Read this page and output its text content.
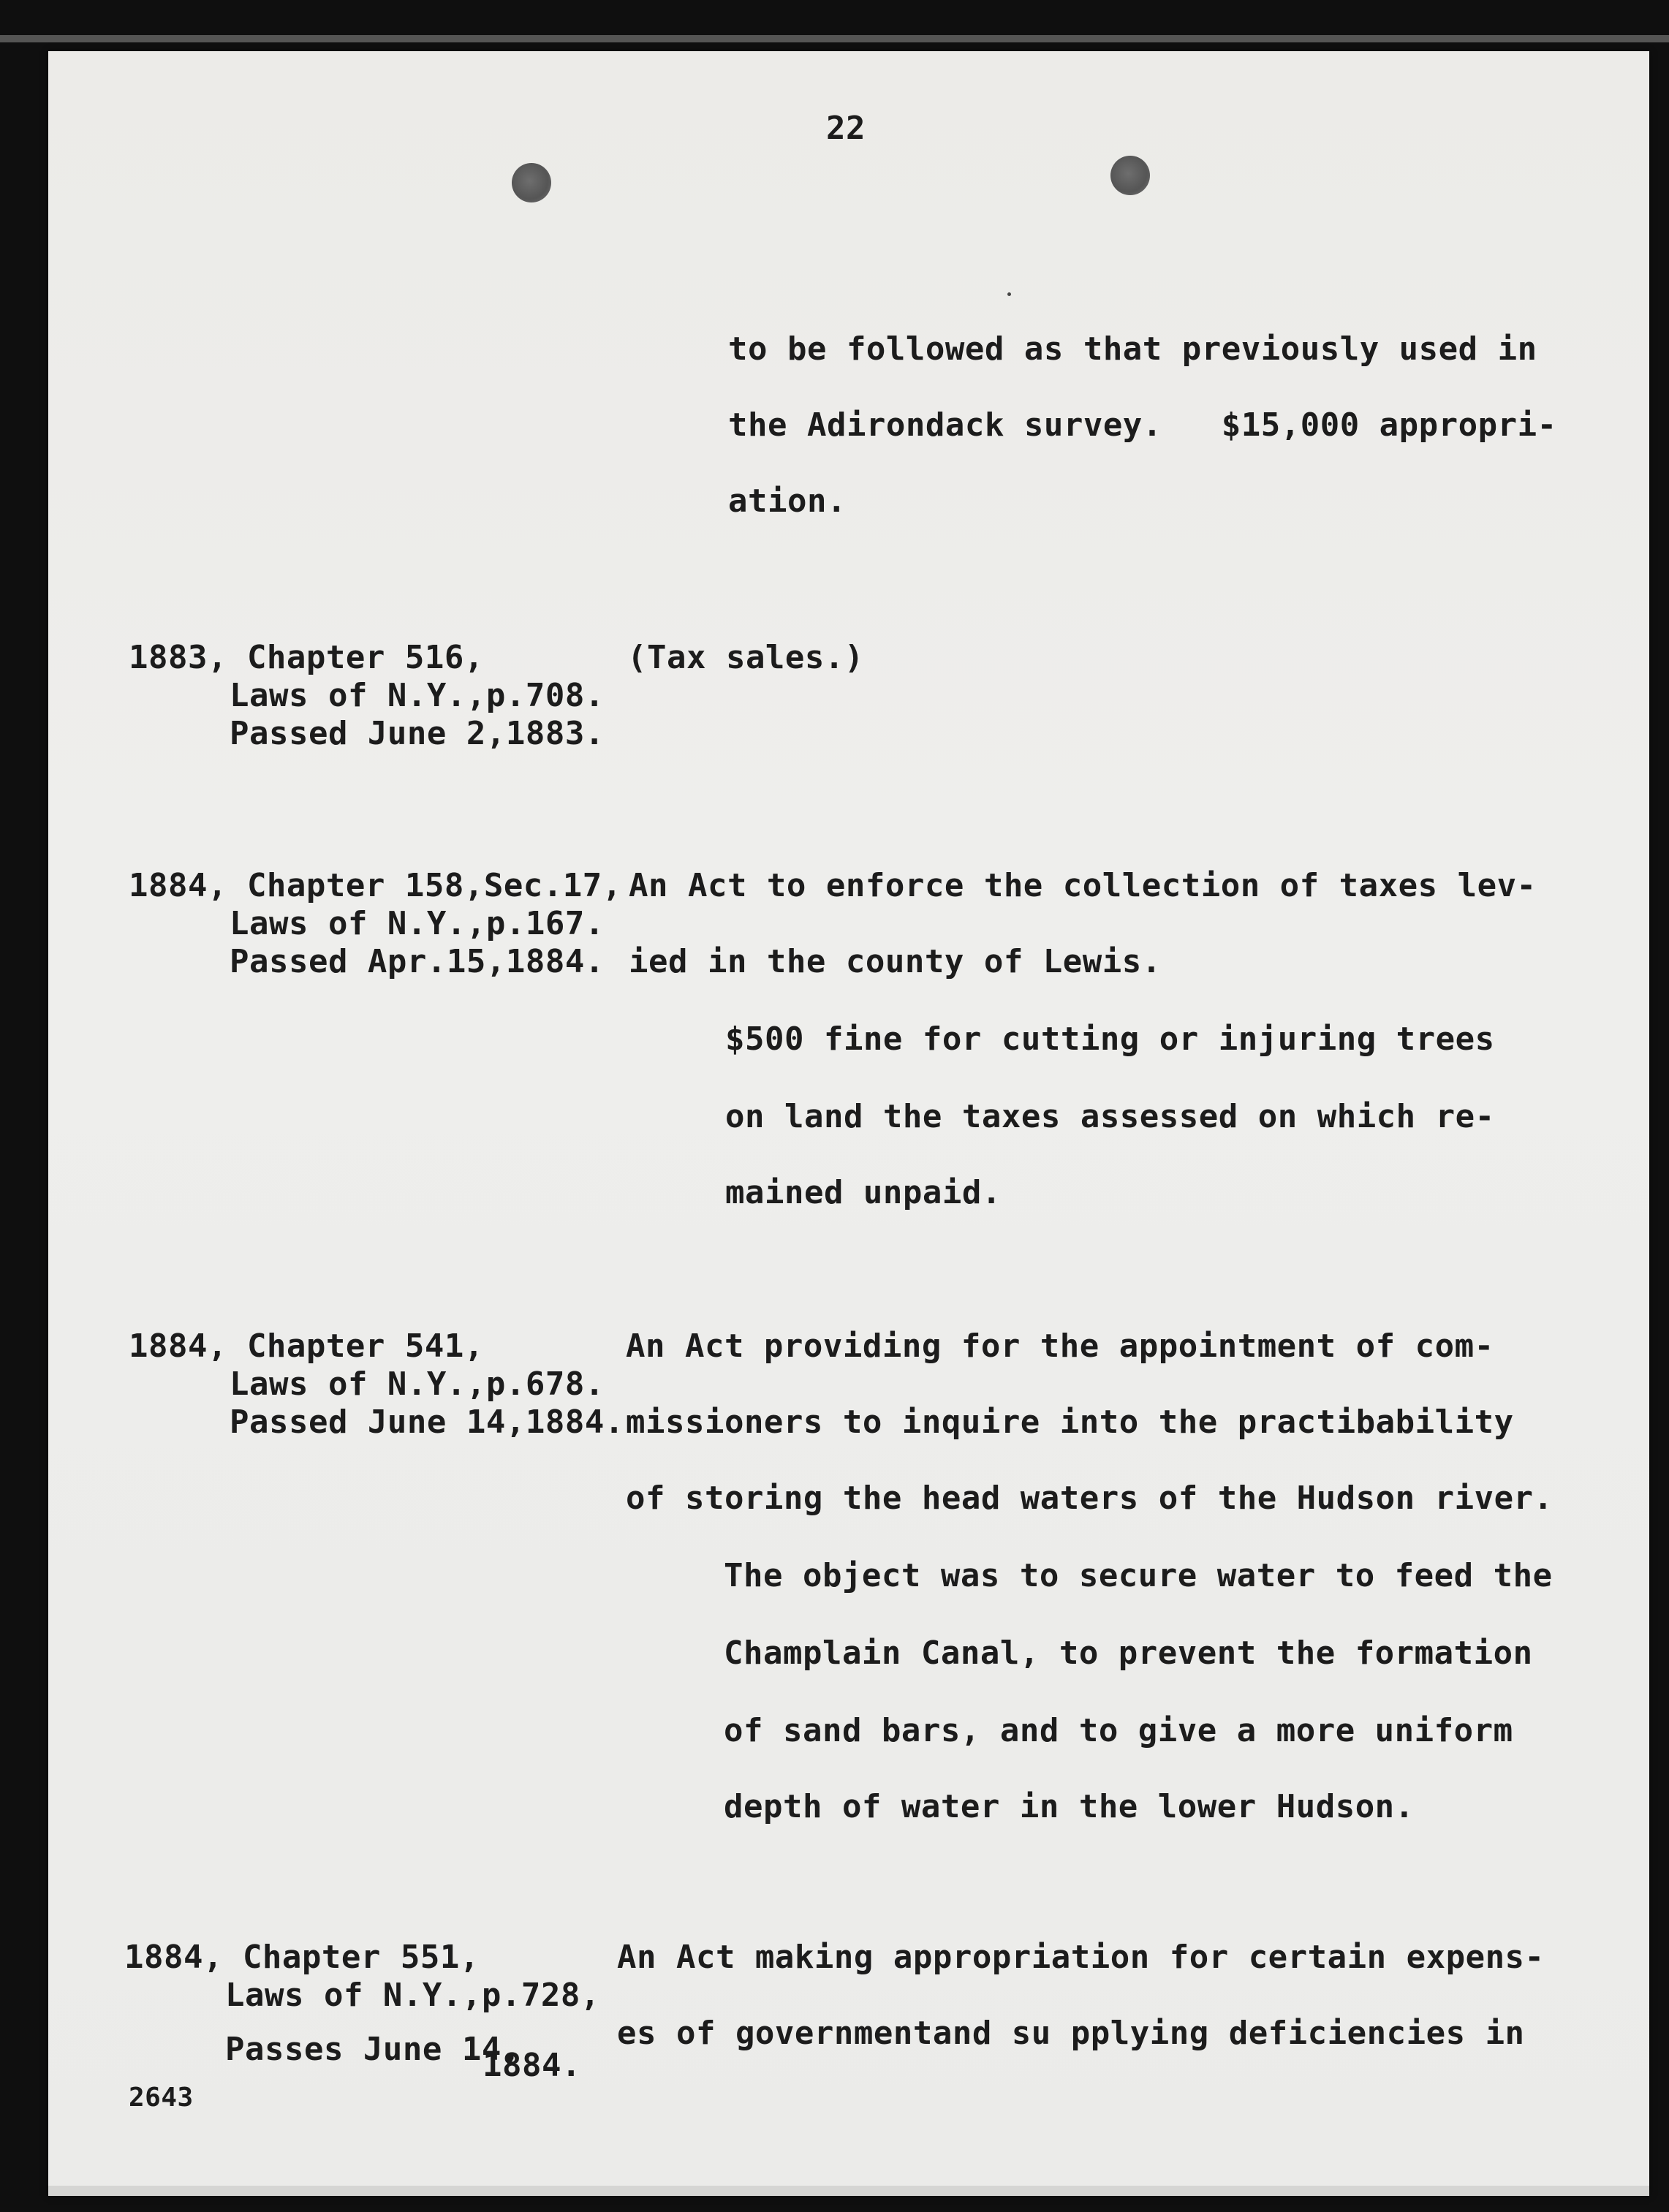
22
to be followed as that previously used in
the Adirondack survey.   $15,000 appropri-
ation.
1883, Chapter 516,
Laws of N.Y.,p.708.
Passed June 2,1883.
(Tax sales.)
1884, Chapter 158,Sec.17,
Laws of N.Y.,p.167.
Passed Apr.15,1884.
An Act to enforce the collection of taxes lev-
ied in the county of Lewis.
$500 fine for cutting or injuring trees
on land the taxes assessed on which re-
mained unpaid.
1884, Chapter 541,
Laws of N.Y.,p.678.
Passed June 14,1884.
An Act providing for the appointment of com-
missioners to inquire into the practibability
of storing the head waters of the Hudson river.
The object was to secure water to feed the
Champlain Canal, to prevent the formation
of sand bars, and to give a more uniform
depth of water in the lower Hudson.
1884, Chapter 551,
Laws of N.Y.,p.728,
Passes June 14,
1884.
An Act making appropriation for certain expens-
es of governmentand su pplying deficiencies in
2643
